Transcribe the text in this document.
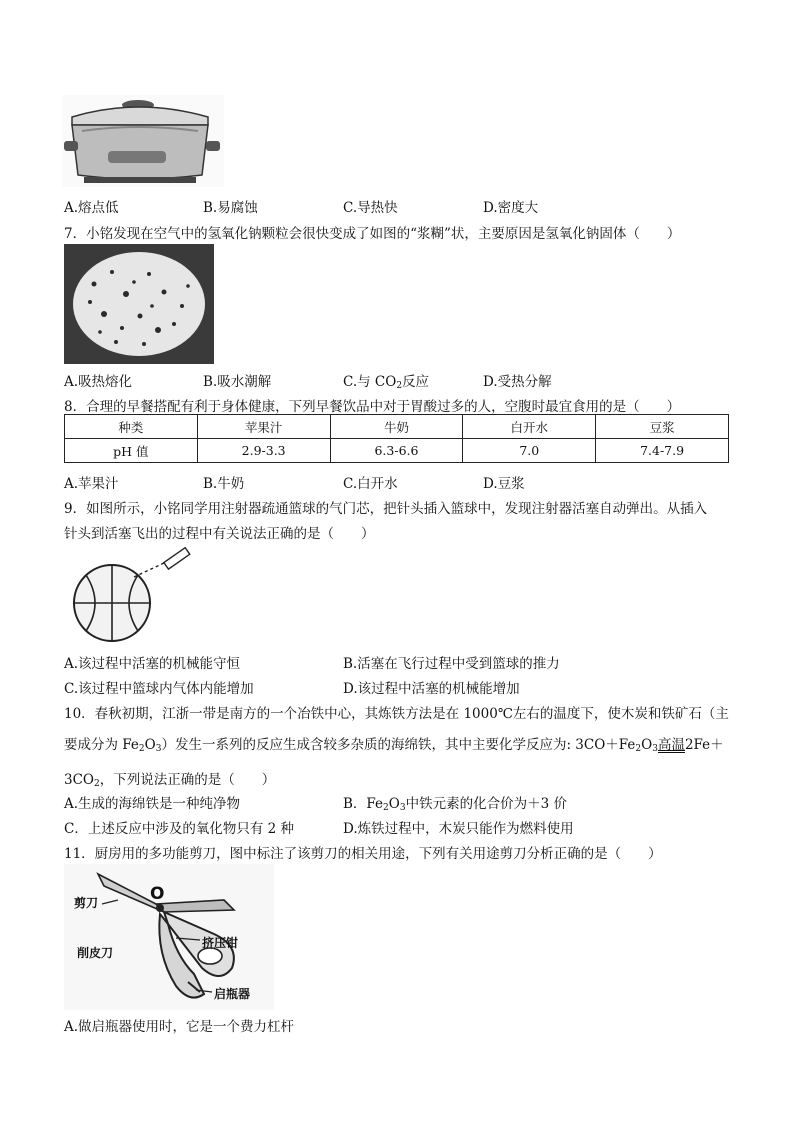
A.熔点低	B.易腐蚀	C.导热快	D.密度大
7．小铭发现在空气中的氢氧化钠颗粒会很快变成了如图的“浆糊”状，主要原因是氢氧化钠固体（　　）
A.吸热熔化	B.吸水潮解	C.与 $CO_2$反应	D.受热分解
8．合理的早餐搭配有利于身体健康，下列早餐饮品中对于胃酸过多的人，空腹时最宜食用的是（　　）
种类	苹果汁	牛奶	白开水	豆浆
pH 值	2.9-3.3	6.3-6.6	7.0	7.4-7.9
A.苹果汁	B.牛奶	C.白开水	D.豆浆
9．如图所示，小铭同学用注射器疏通篮球的气门芯，把针头插入篮球中，发现注射器活塞自动弹出。从插入
针头到活塞飞出的过程中有关说法正确的是（　　）
A.该过程中活塞的机械能守恒	B.活塞在飞行过程中受到篮球的推力
C.该过程中篮球内气体内能增加	D.该过程中活塞的机械能增加
10．春秋初期，江浙一带是南方的一个冶铁中心，其炼铁方法是在 1000℃左右的温度下，使木炭和铁矿石（主
要成分为 $Fe_2O_3$）发生一系列的反应生成含较多杂质的海绵铁，其中主要化学反应为: $3CO+Fe_2O_3$高温2Fe＋
$3CO_2$，下列说法正确的是（　　）
A.生成的海绵铁是一种纯净物	B．$Fe_2O_3$中铁元素的化合价为＋3 价
C．上述反应中涉及的氧化物只有 2 种	D.炼铁过程中，木炭只能作为燃料使用
11．厨房用的多功能剪刀，图中标注了该剪刀的相关用途，下列有关用途剪刀分析正确的是（　　）
剪刀	O
削皮刀
挤压钳
启瓶器
A.做启瓶器使用时，它是一个费力杠杆
